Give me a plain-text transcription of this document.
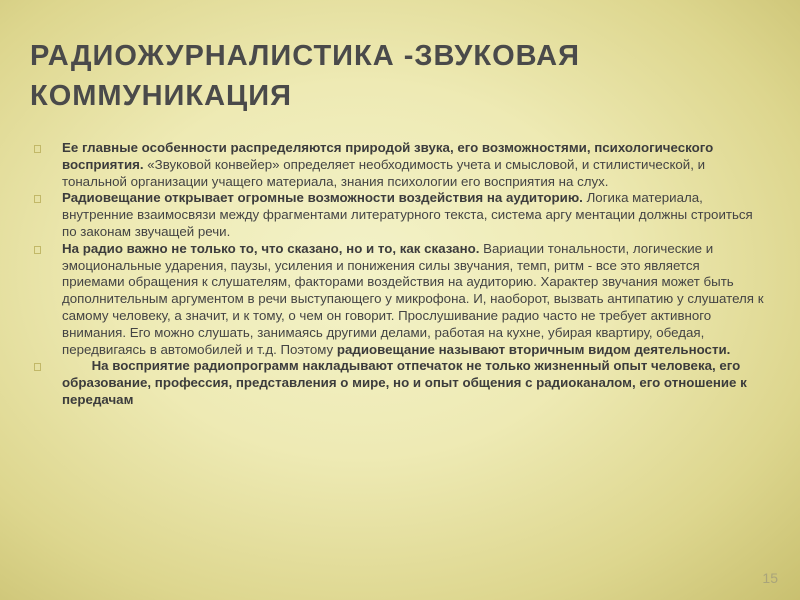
РАДИОЖУРНАЛИСТИКА -ЗВУКОВАЯ КОММУНИКАЦИЯ
Ее главные особенности распределяются природой звука, его возможностями, психологического восприятия. «Звуковой конвейер» определяет необходимость учета и смысловой, и стилистической, и тональной организации учащего материала, знания психологии его восприятия на слух.
Радиовещание открывает огромные возможности воздействия на аудиторию. Логика материала, внутренние взаимосвязи между фрагментами литературного текста, система аргу ментации должны строиться по законам звучащей речи.
На радио важно не только то, что сказано, но и то, как сказано. Вариации тональности, логические и эмоциональные ударения, паузы, усиления и понижения силы звучания, темп, ритм - все это является приемами обращения к слушателям, факторами воздействия на аудиторию. Характер звучания может быть дополнительным аргументом в речи выступающего у микрофона. И, наоборот, вызвать антипатию у слушателя к самому человеку, а значит, и к тому, о чем он говорит. Прослушивание радио часто не требует активного внимания. Его можно слушать, занимаясь другими делами, работая на кухне, убирая квартиру, обедая, передвигаясь в автомобилей и т.д. Поэтому радиовещание называют вторичным видом деятельности.
На восприятие радиопрограмм накладывают отпечаток не только жизненный опыт человека, его образование, профессия, представления о мире, но и опыт общения с радиоканалом, его отношение к передачам
15
